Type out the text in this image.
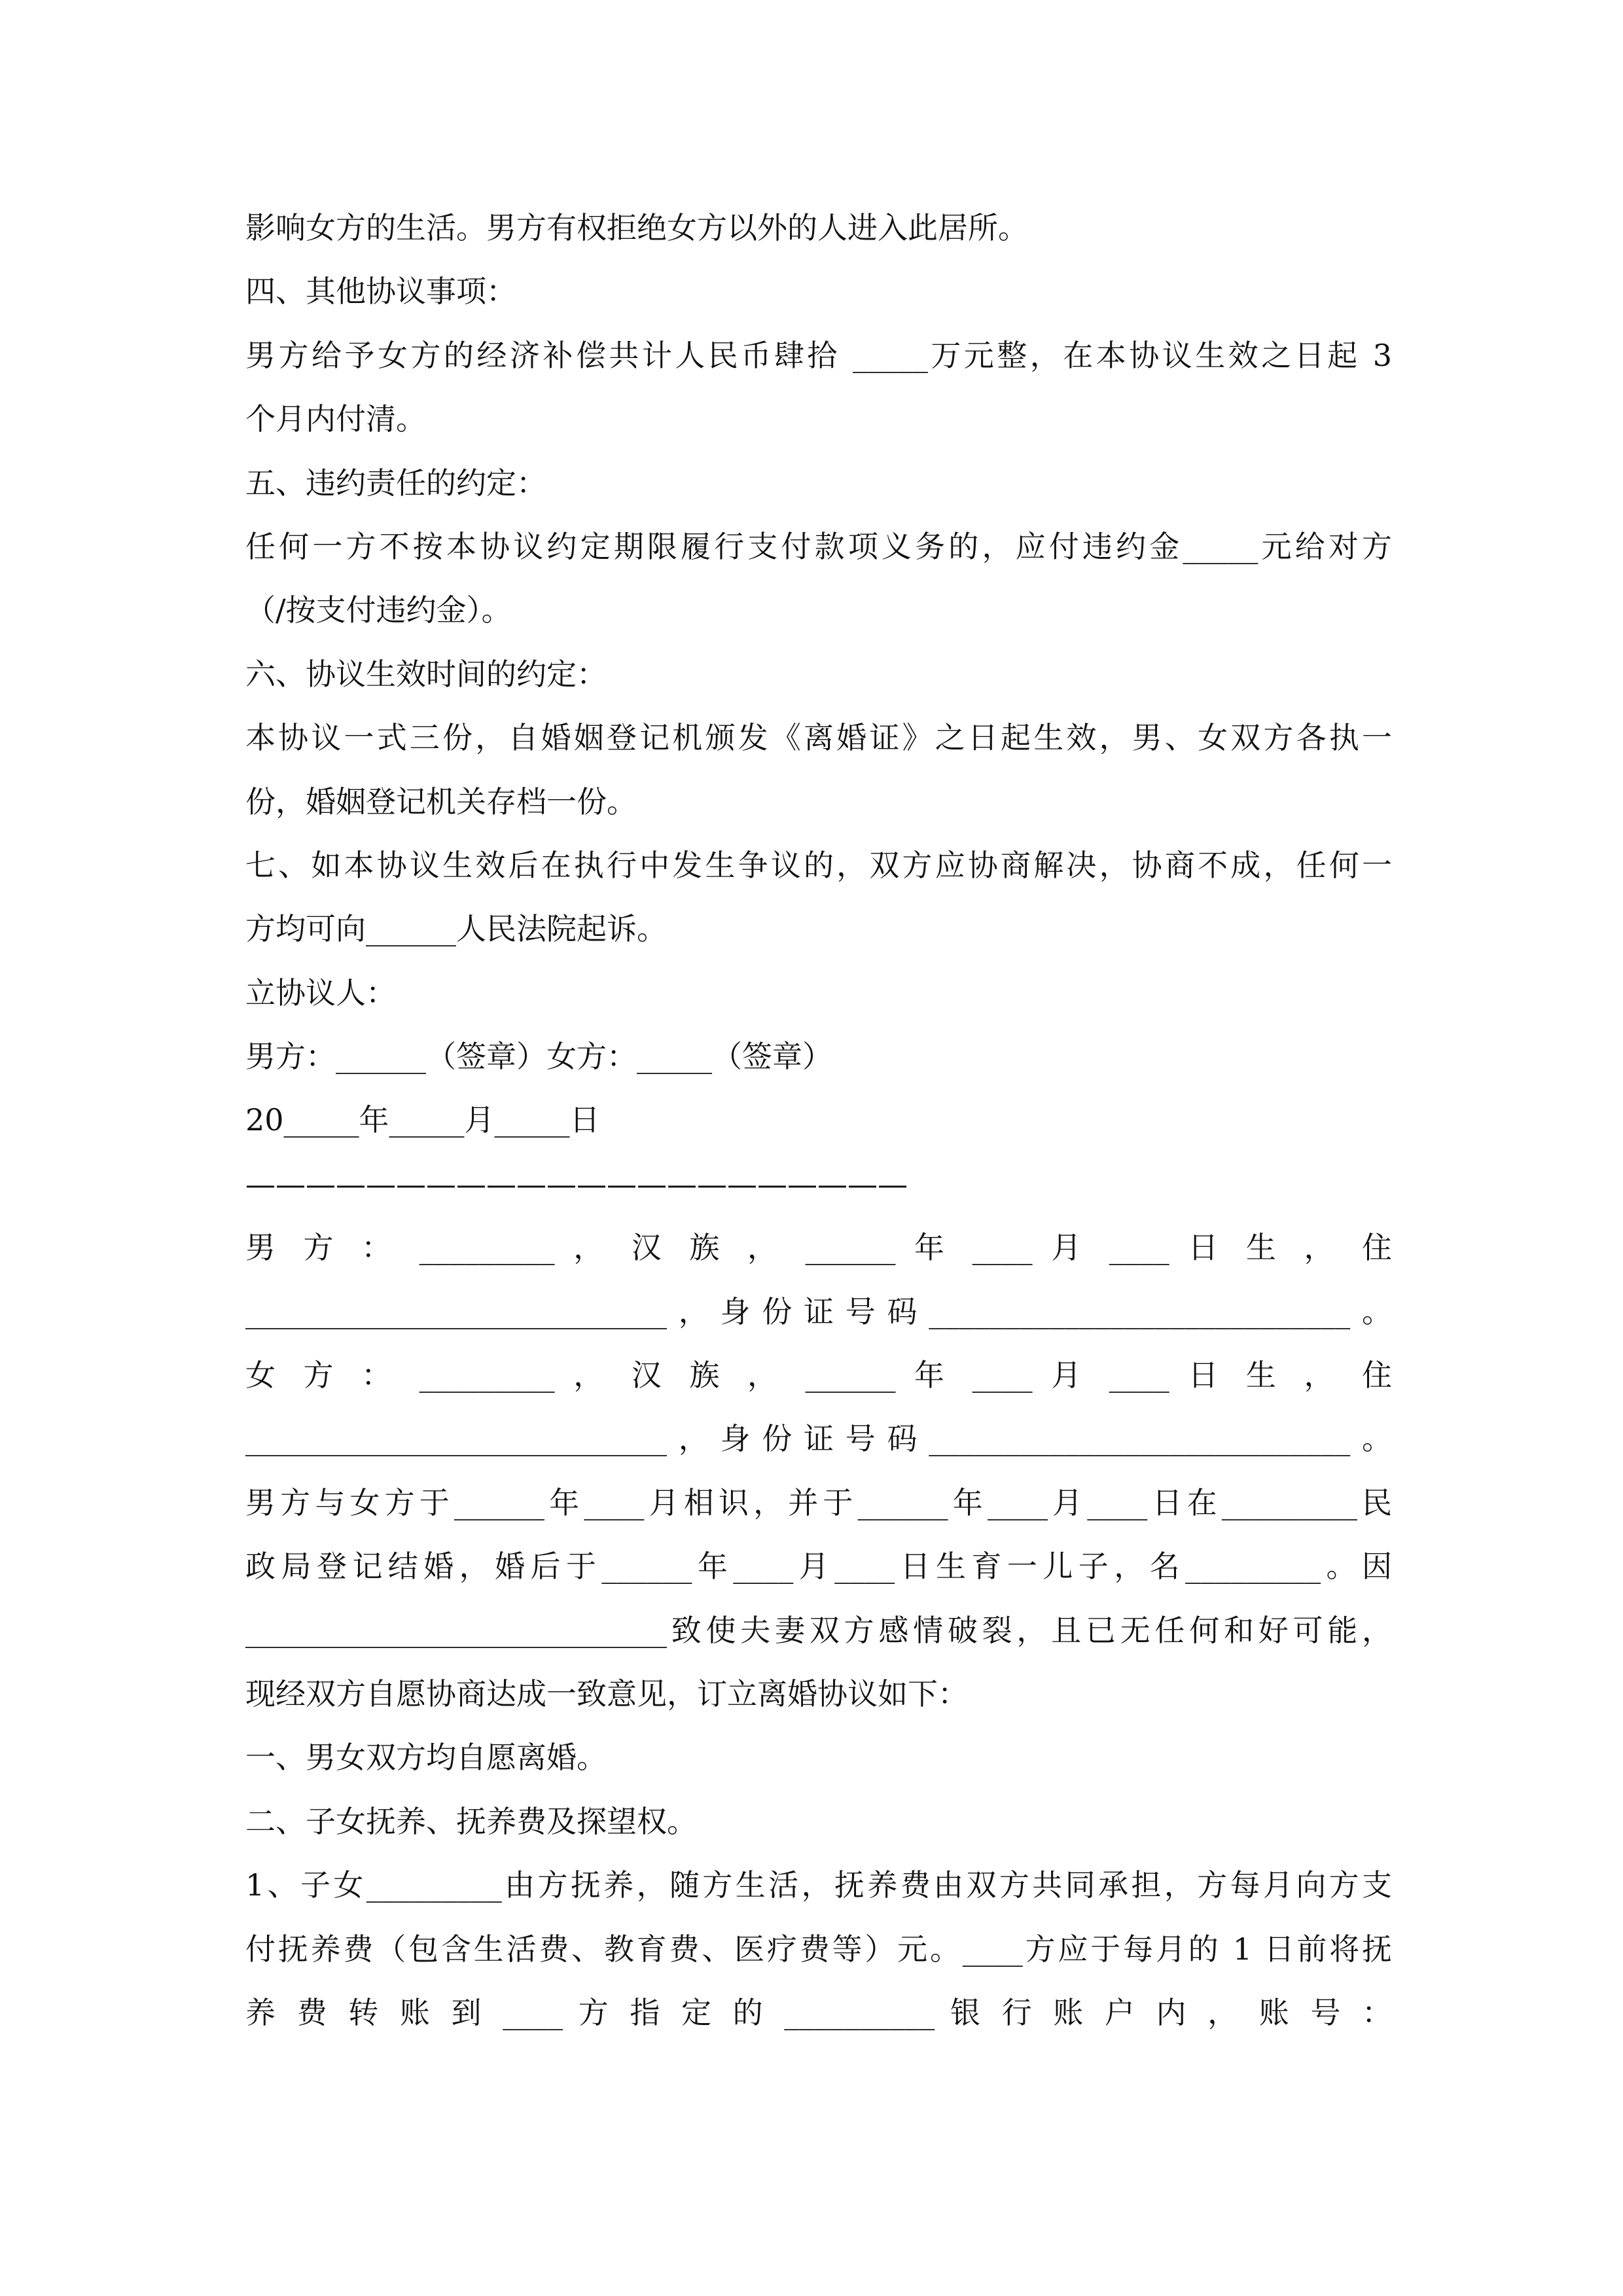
影响女方的生活。男方有权拒绝女方以外的人进入此居所。
四、其他协议事项：
男方给予女方的经济补偿共计人民币肆拾 _____万元整，在本协议生效之日起 3
个月内付清。
五、违约责任的约定：
任何一方不按本协议约定期限履行支付款项义务的，应付违约金_____元给对方
（/按支付违约金）。
六、协议生效时间的约定：
本协议一式三份，自婚姻登记机颁发《离婚证》之日起生效，男、女双方各执一
份，婚姻登记机关存档一份。
七、如本协议生效后在执行中发生争议的，双方应协商解决，协商不成，任何一
方均可向______人民法院起诉。
立协议人：
男方：______（签章）女方：_____（签章）
20_____年_____月_____日
——————————————————————
男 方 ： _________ ， 汉 族 ， ______ 年 ____ 月 ____ 日 生 ， 住
____________________________，身份证号码____________________________。
女 方 ： _________ ， 汉 族 ， ______ 年 ____ 月 ____ 日 生 ， 住
____________________________，身份证号码____________________________。
男方与女方于______年____月相识，并于______年____月____日在_________民
政局登记结婚，婚后于______年____月____日生育一儿子，名_________。因
____________________________致使夫妻双方感情破裂，且已无任何和好可能，
现经双方自愿协商达成一致意见，订立离婚协议如下：
一、男女双方均自愿离婚。
二、子女抚养、抚养费及探望权。
1、子女_________由方抚养，随方生活，抚养费由双方共同承担，方每月向方支
付抚养费（包含生活费、教育费、医疗费等）元。____方应于每月的 1 日前将抚
养 费 转 账 到 ____ 方 指 定 的 __________ 银 行 账 户 内 ， 账 号 ：
